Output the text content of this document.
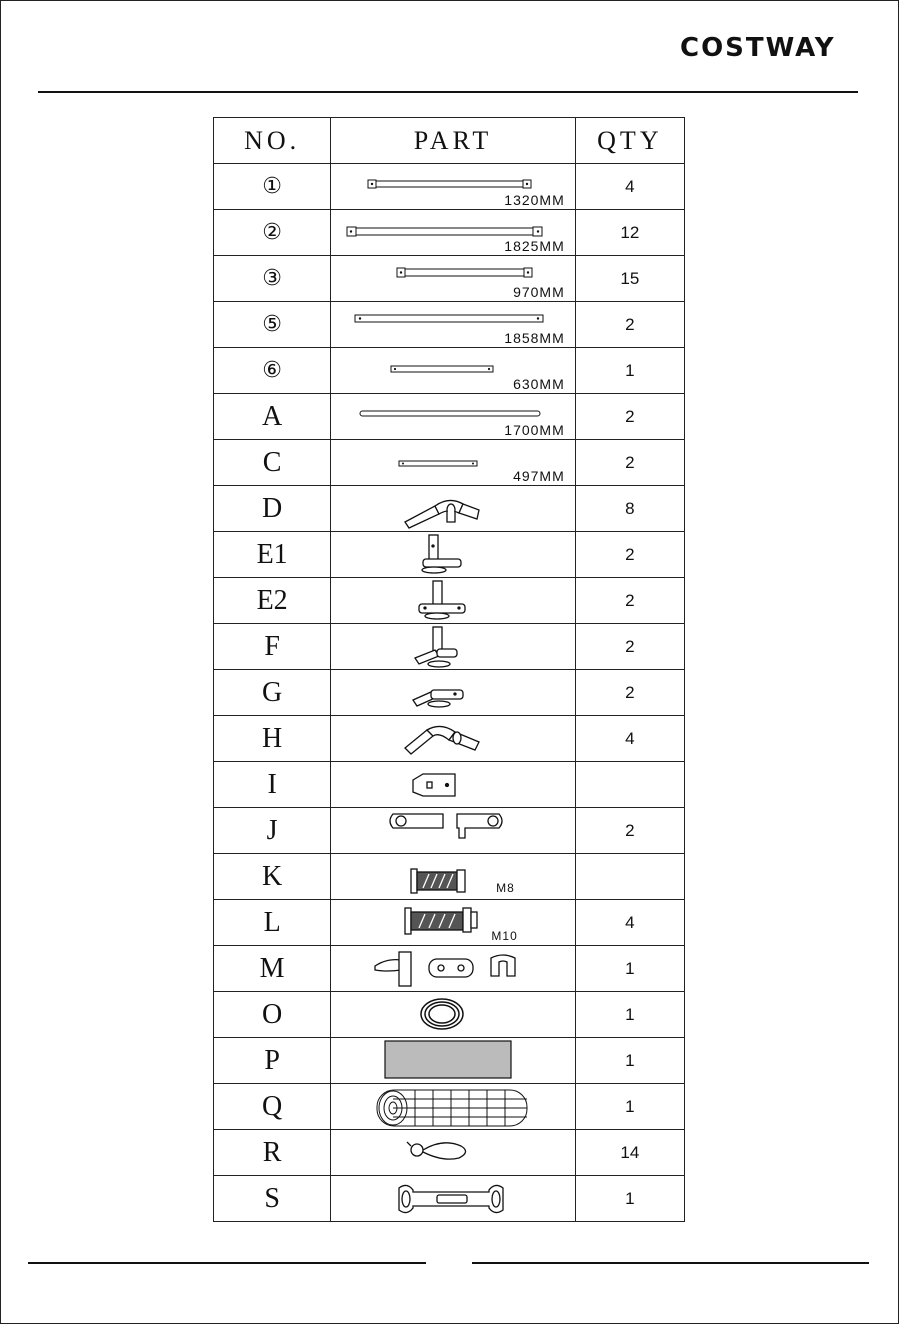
COSTWAY
NO.	PART	QTY
①	1320MM	4
②	1825MM	12
③	970MM	15
⑤	1858MM	2
⑥	630MM	1
A	1700MM	2
C	497MM	2
D		8
E1		2
E2		2
F		2
G		2
H		4
I	

J		2
K	M8	

L	M10	4
M		1
O		1
P		1
Q		1
R		14
S		1
